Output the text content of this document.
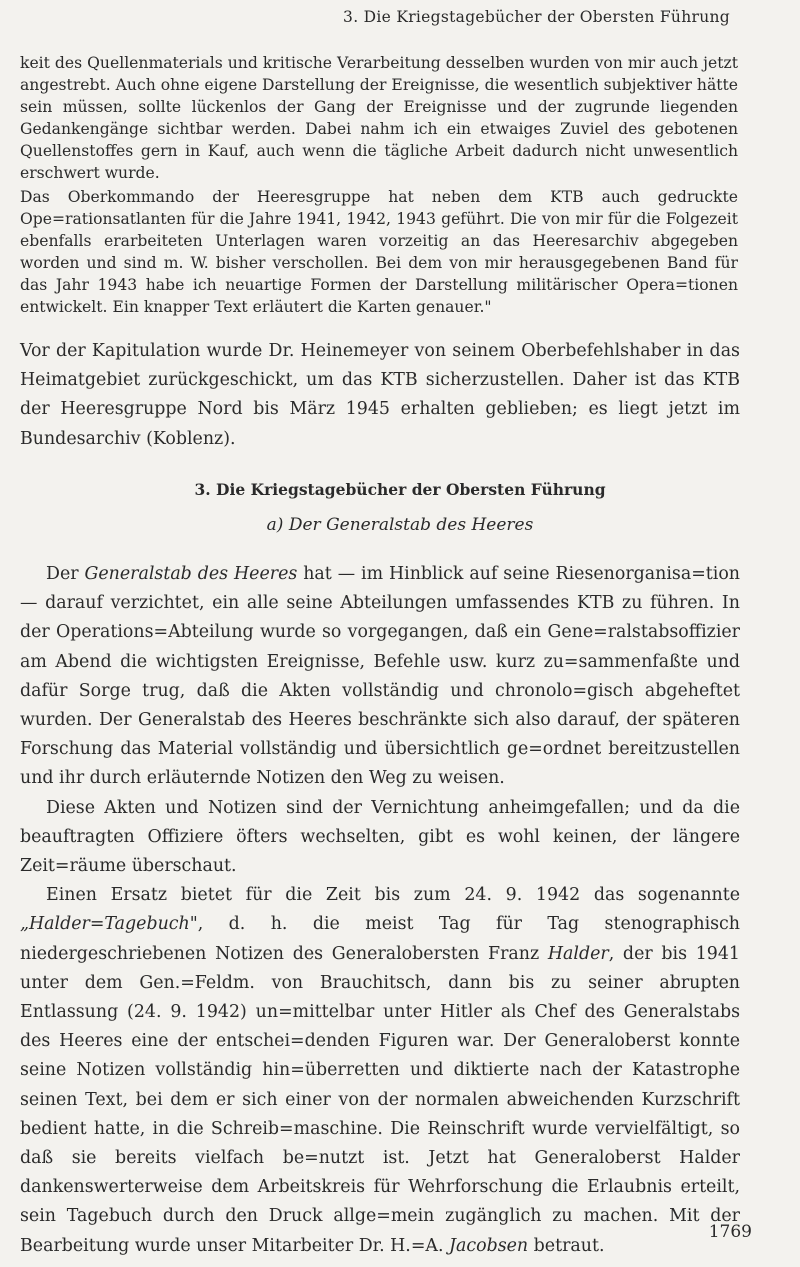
3. Die Kriegstagebücher der Obersten Führung

keit des Quellenmaterials und kritische Verarbeitung desselben wurden von mir auch jetzt angestrebt. Auch ohne eigene Darstellung der Ereignisse, die wesentlich subjektiver hätte sein müssen, sollte lückenlos der Gang der Ereignisse und der zugrunde liegenden Gedankengänge sichtbar werden. Dabei nahm ich ein etwaiges Zuviel des gebotenen Quellenstoffes gern in Kauf, auch wenn die tägliche Arbeit dadurch nicht unwesentlich erschwert wurde.

Das Oberkommando der Heeresgruppe hat neben dem KTB auch gedruckte Ope=rationsatlanten für die Jahre 1941, 1942, 1943 geführt. Die von mir für die Folgezeit ebenfalls erarbeiteten Unterlagen waren vorzeitig an das Heeresarchiv abgegeben worden und sind m. W. bisher verschollen. Bei dem von mir herausgegebenen Band für das Jahr 1943 habe ich neuartige Formen der Darstellung militärischer Opera=tionen entwickelt. Ein knapper Text erläutert die Karten genauer."

Vor der Kapitulation wurde Dr. Heinemeyer von seinem Oberbefehlshaber in das Heimatgebiet zurückgeschickt, um das KTB sicherzustellen. Daher ist das KTB der Heeresgruppe Nord bis März 1945 erhalten geblieben; es liegt jetzt im Bundesarchiv (Koblenz).

3. Die Kriegstagebücher der Obersten Führung
a) Der Generalstab des Heeres

Der Generalstab des Heeres hat — im Hinblick auf seine Riesenorganisa=tion — darauf verzichtet, ein alle seine Abteilungen umfassendes KTB zu führen. In der Operations=Abteilung wurde so vorgegangen, daß ein Gene=ralstabsoffizier am Abend die wichtigsten Ereignisse, Befehle usw. kurz zu=sammenfaßte und dafür Sorge trug, daß die Akten vollständig und chronolo=gisch abgeheftet wurden. Der Generalstab des Heeres beschränkte sich also darauf, der späteren Forschung das Material vollständig und übersichtlich ge=ordnet bereitzustellen und ihr durch erläuternde Notizen den Weg zu weisen.

Diese Akten und Notizen sind der Vernichtung anheimgefallen; und da die beauftragten Offiziere öfters wechselten, gibt es wohl keinen, der längere Zeit=räume überschaut.

Einen Ersatz bietet für die Zeit bis zum 24. 9. 1942 das sogenannte „Halder=Tagebuch", d. h. die meist Tag für Tag stenographisch niedergeschriebenen Notizen des Generalobersten Franz Halder, der bis 1941 unter dem Gen.=Feldm. von Brauchitsch, dann bis zu seiner abrupten Entlassung (24. 9. 1942) un=mittelbar unter Hitler als Chef des Generalstabs des Heeres eine der entschei=denden Figuren war. Der Generaloberst konnte seine Notizen vollständig hin=überretten und diktierte nach der Katastrophe seinen Text, bei dem er sich einer von der normalen abweichenden Kurzschrift bedient hatte, in die Schreib=maschine. Die Reinschrift wurde vervielfältigt, so daß sie bereits vielfach be=nutzt ist. Jetzt hat Generaloberst Halder dankenswerterweise dem Arbeitskreis für Wehrforschung die Erlaubnis erteilt, sein Tagebuch durch den Druck allge=mein zugänglich zu machen. Mit der Bearbeitung wurde unser Mitarbeiter Dr. H.=A. Jacobsen betraut.

1769
